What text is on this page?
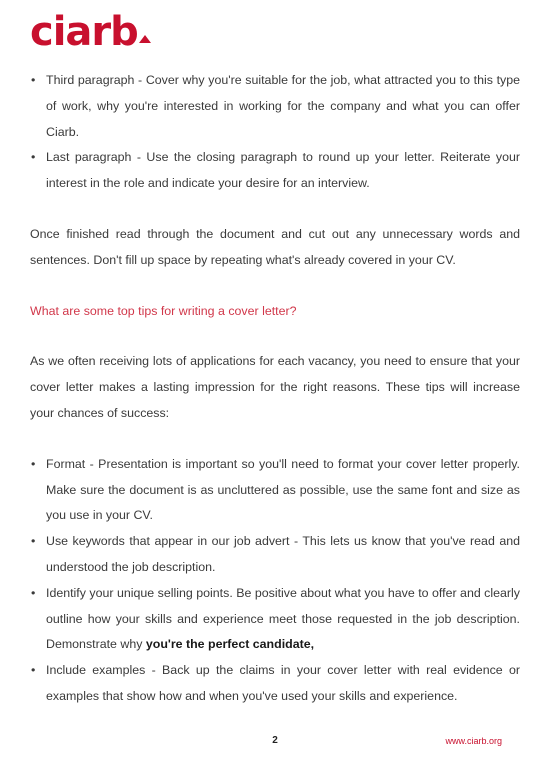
ciarb
• Third paragraph - Cover why you're suitable for the job, what attracted you to this type of work, why you're interested in working for the company and what you can offer Ciarb.
• Last paragraph - Use the closing paragraph to round up your letter. Reiterate your interest in the role and indicate your desire for an interview.

Once finished read through the document and cut out any unnecessary words and sentences. Don't fill up space by repeating what's already covered in your CV.

What are some top tips for writing a cover letter?

As we often receiving lots of applications for each vacancy, you need to ensure that your cover letter makes a lasting impression for the right reasons. These tips will increase your chances of success:

• Format - Presentation is important so you'll need to format your cover letter properly. Make sure the document is as uncluttered as possible, use the same font and size as you use in your CV.
• Use keywords that appear in our job advert - This lets us know that you've read and understood the job description.
• Identify your unique selling points. Be positive about what you have to offer and clearly outline how your skills and experience meet those requested in the job description. Demonstrate why you're the perfect candidate,
• Include examples - Back up the claims in your cover letter with real evidence or examples that show how and when you've used your skills and experience.
2	www.ciarb.org
